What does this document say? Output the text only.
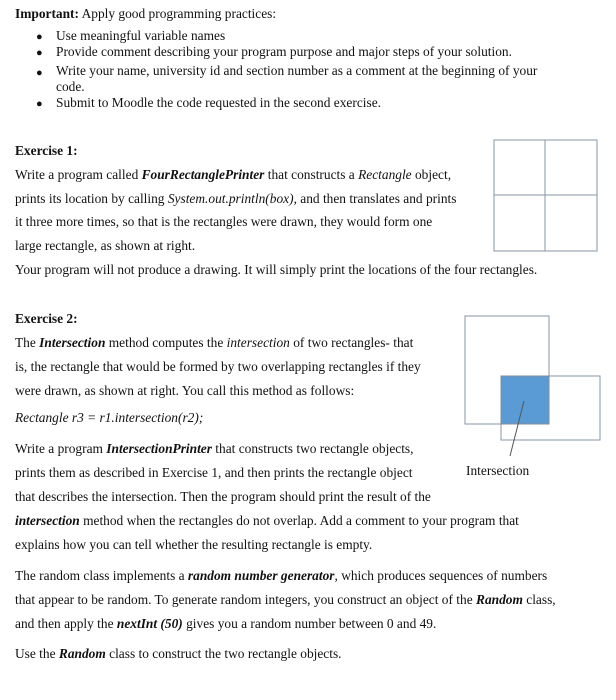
Important: Apply good programming practices:
● Use meaningful variable names
● Provide comment describing your program purpose and major steps of your solution.
● Write your name, university id and section number as a comment at the beginning of your
code.
● Submit to Moodle the code requested in the second exercise.
Exercise 1:
Write a program called FourRectanglePrinter that constructs a Rectangle object,
prints its location by calling System.out.println(box), and then translates and prints
it three more times, so that is the rectangles were drawn, they would form one
large rectangle, as shown at right.
Your program will not produce a drawing. It will simply print the locations of the four rectangles.
Exercise 2:
The Intersection method computes the intersection of two rectangles- that
is, the rectangle that would be formed by two overlapping rectangles if they
were drawn, as shown at right. You call this method as follows:
Rectangle r3 = r1.intersection(r2);
Write a program IntersectionPrinter that constructs two rectangle objects,
prints them as described in Exercise 1, and then prints the rectangle object	Intersection
that describes the intersection. Then the program should print the result of the
intersection method when the rectangles do not overlap. Add a comment to your program that
explains how you can tell whether the resulting rectangle is empty.
The random class implements a random number generator, which produces sequences of numbers
that appear to be random. To generate random integers, you construct an object of the Random class,
and then apply the nextInt (50) gives you a random number between 0 and 49.
Use the Random class to construct the two rectangle objects.
